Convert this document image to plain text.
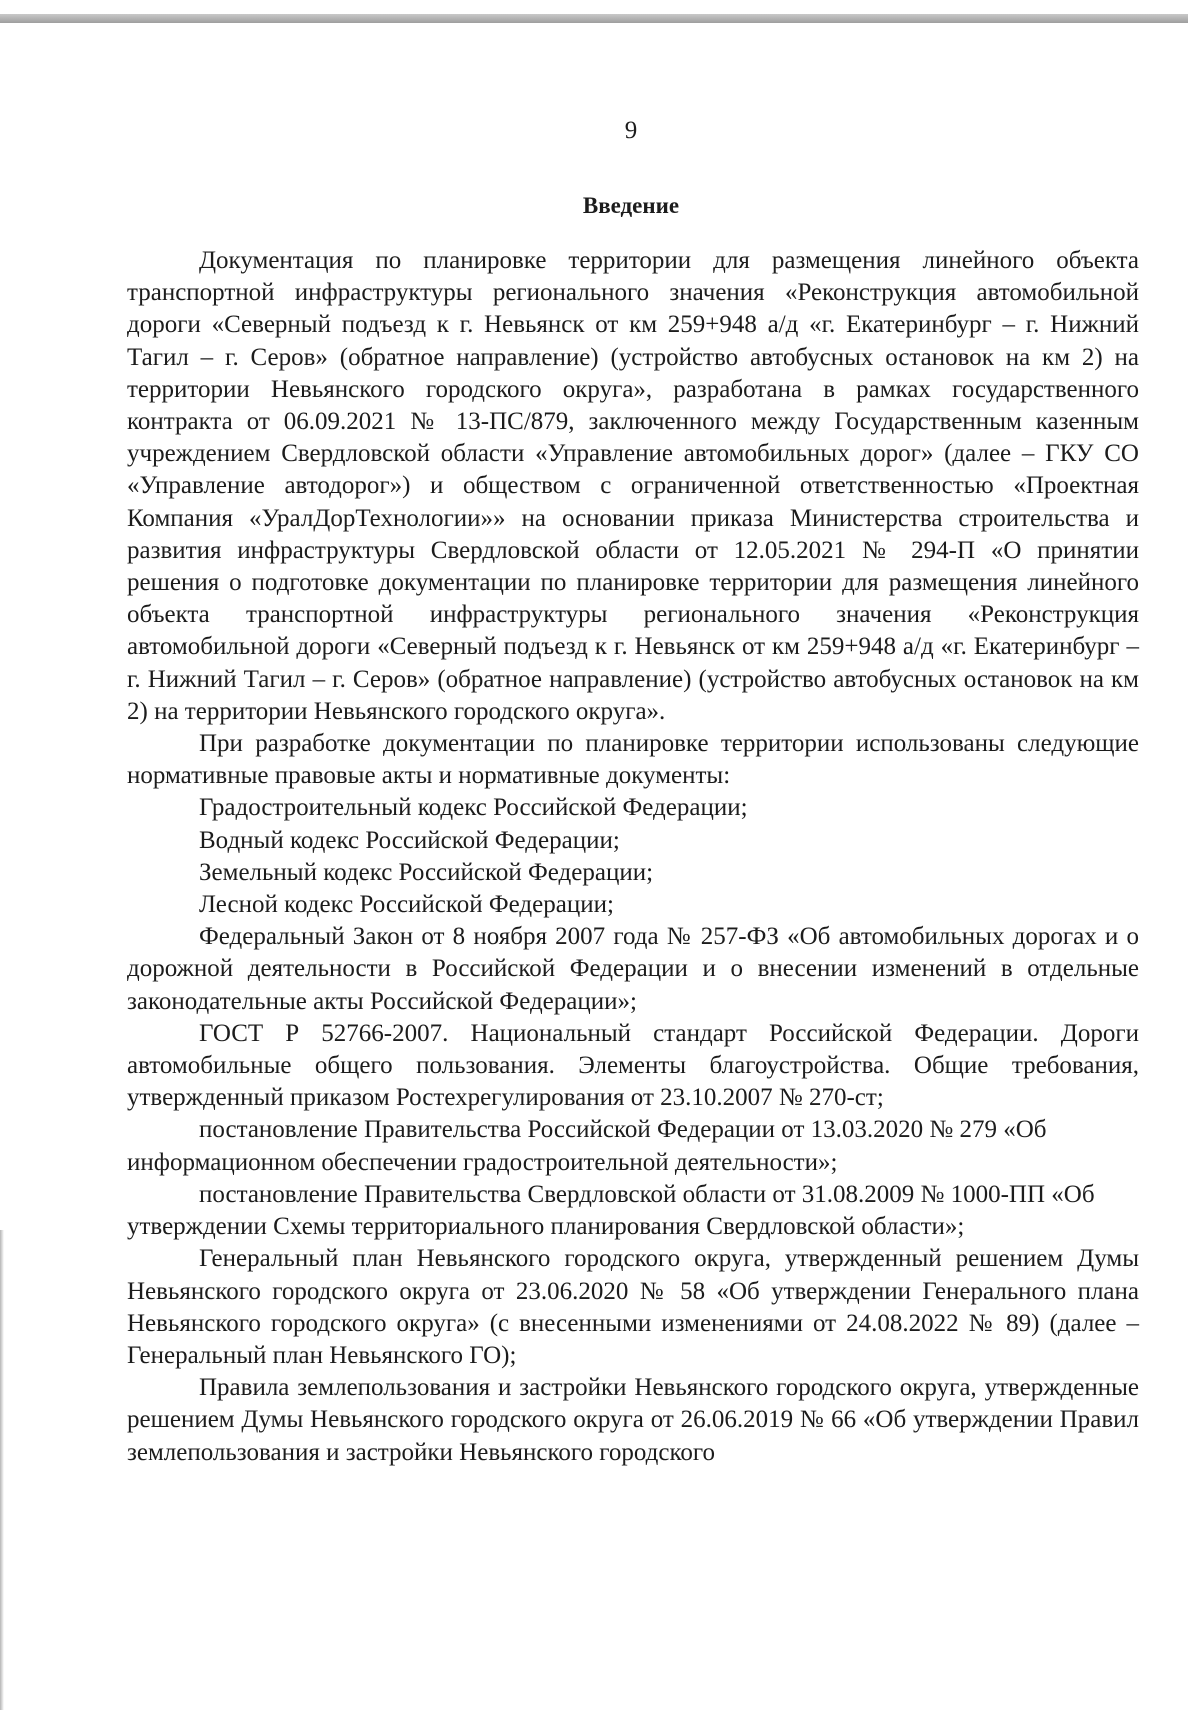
9
Введение

Документация по планировке территории для размещения линейного объекта транспортной инфраструктуры регионального значения «Реконструкция автомобильной дороги «Северный подъезд к г. Невьянск от км 259+948 а/д «г. Екатеринбург – г. Нижний Тагил – г. Серов» (обратное направление) (устройство автобусных остановок на км 2) на территории Невьянского городского округа», разработана в рамках государственного контракта от 06.09.2021 № 13-ПС/879, заключенного между Государственным казенным учреждением Свердловской области «Управление автомобильных дорог» (далее – ГКУ СО «Управление автодорог») и обществом с ограниченной ответственностью «Проектная Компания «УралДорТехнологии»» на основании приказа Министерства строительства и развития инфраструктуры Свердловской области от 12.05.2021 № 294-П «О принятии решения о подготовке документации по планировке территории для размещения линейного объекта транспортной инфраструктуры регионального значения «Реконструкция автомобильной дороги «Северный подъезд к г. Невьянск от км 259+948 а/д «г. Екатеринбург – г. Нижний Тагил – г. Серов» (обратное направление) (устройство автобусных остановок на км 2) на территории Невьянского городского округа».

При разработке документации по планировке территории использованы следующие нормативные правовые акты и нормативные документы:

Градостроительный кодекс Российской Федерации;

Водный кодекс Российской Федерации;

Земельный кодекс Российской Федерации;

Лесной кодекс Российской Федерации;

Федеральный Закон от 8 ноября 2007 года № 257-ФЗ «Об автомобильных дорогах и о дорожной деятельности в Российской Федерации и о внесении изменений в отдельные законодательные акты Российской Федерации»;

ГОСТ Р 52766-2007. Национальный стандарт Российской Федерации. Дороги автомобильные общего пользования. Элементы благоустройства. Общие требования, утвержденный приказом Ростехрегулирования от 23.10.2007 № 270-ст;

постановление Правительства Российской Федерации от 13.03.2020 № 279 «Об информационном обеспечении градостроительной деятельности»;

постановление Правительства Свердловской области от 31.08.2009 № 1000-ПП «Об утверждении Схемы территориального планирования Свердловской области»;

Генеральный план Невьянского городского округа, утвержденный решением Думы Невьянского городского округа от 23.06.2020 № 58 «Об утверждении Генерального плана Невьянского городского округа» (с внесенными изменениями от 24.08.2022 № 89) (далее – Генеральный план Невьянского ГО);

Правила землепользования и застройки Невьянского городского округа, утвержденные решением Думы Невьянского городского округа от 26.06.2019 № 66 «Об утверждении Правил землепользования и застройки Невьянского городского
